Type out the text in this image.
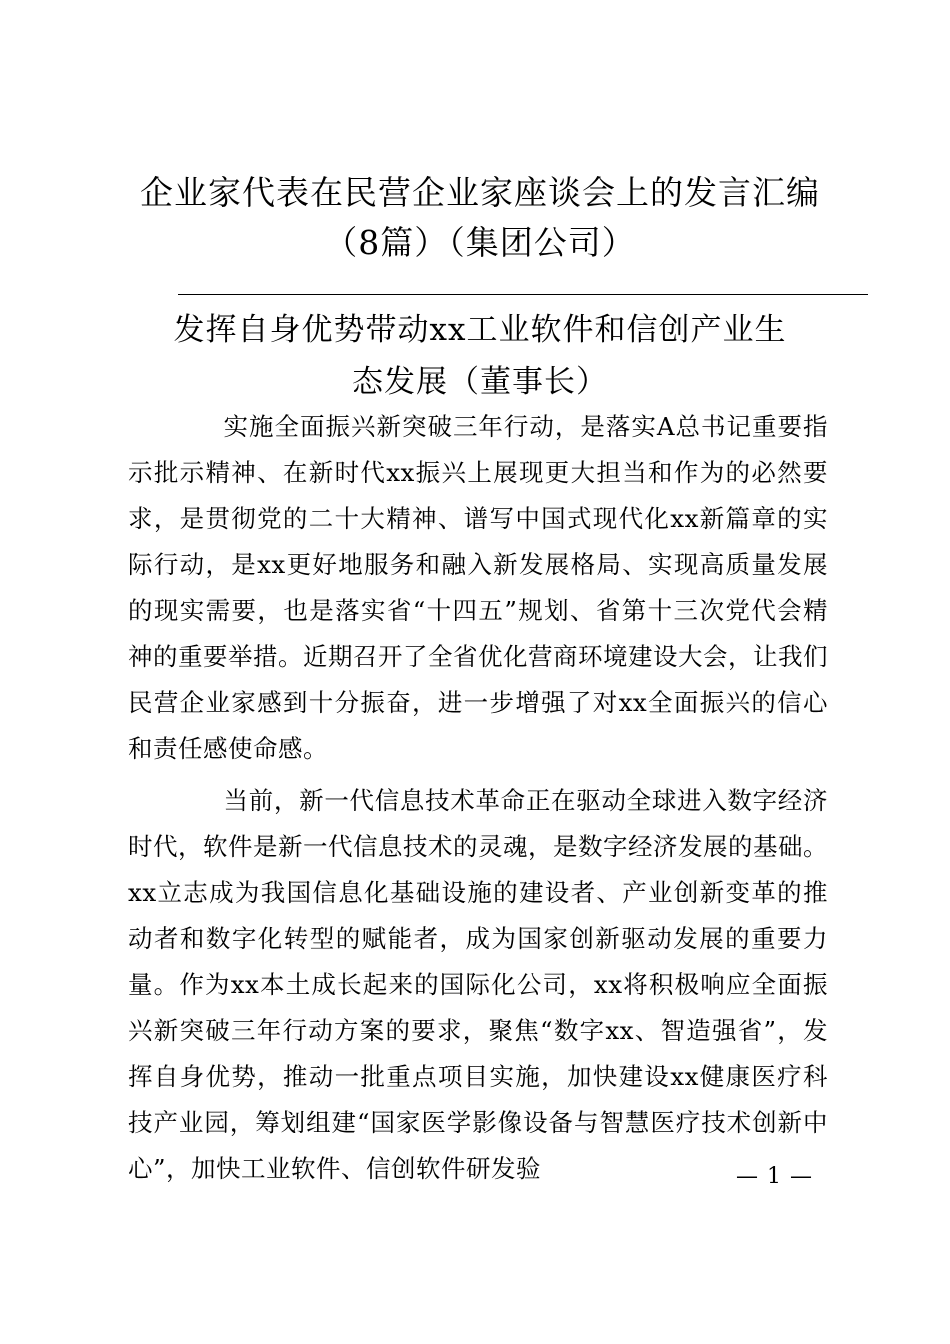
企业家代表在民营企业家座谈会上的发言汇编
（8篇）（集团公司）
发挥自身优势带动xx工业软件和信创产业生
态发展（董事长）

实施全面振兴新突破三年行动，是落实A总书记重要指示批示精神、在新时代xx振兴上展现更大担当和作为的必然要求，是贯彻党的二十大精神、谱写中国式现代化xx新篇章的实际行动，是xx更好地服务和融入新发展格局、实现高质量发展的现实需要，也是落实省“十四五”规划、省第十三次党代会精神的重要举措。近期召开了全省优化营商环境建设大会，让我们民营企业家感到十分振奋，进一步增强了对xx全面振兴的信心和责任感使命感。

当前，新一代信息技术革命正在驱动全球进入数字经济时代，软件是新一代信息技术的灵魂，是数字经济发展的基础。xx立志成为我国信息化基础设施的建设者、产业创新变革的推动者和数字化转型的赋能者，成为国家创新驱动发展的重要力量。作为xx本土成长起来的国际化公司，xx将积极响应全面振兴新突破三年行动方案的要求，聚焦“数字xx、智造强省”，发挥自身优势，推动一批重点项目实施，加快建设xx健康医疗科技产业园，筹划组建“国家医学影像设备与智慧医疗技术创新中心”，加快工业软件、信创软件研发验	— 1 —
